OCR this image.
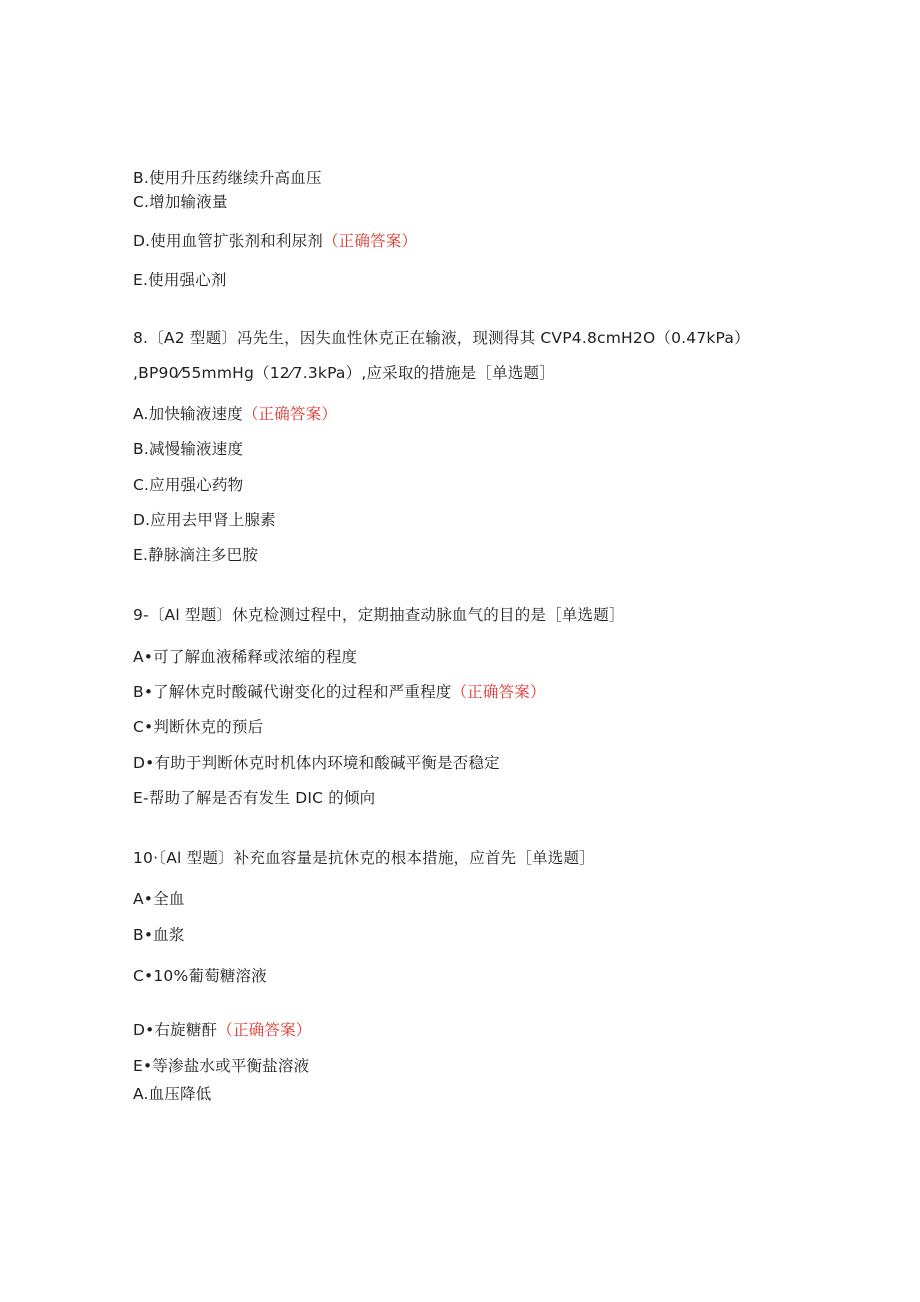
B.使用升压药继续升高血压
C.增加输液量
D.使用血管扩张剂和利尿剂（正确答案）
E.使用强心剂
8.〔A2 型题〕冯先生，因失血性休克正在输液，现测得其 CVP4.8cmH2O（0.47kPa）
,BP90⁄55mmHg（12⁄7.3kPa）,应采取的措施是［单选题］
A.加快输液速度（正确答案）
B.减慢输液速度
C.应用强心药物
D.应用去甲肾上腺素
E.静脉滴注多巴胺
9-〔Al 型题〕休克检测过程中，定期抽查动脉血气的目的是［单选题］
A•可了解血液稀释或浓缩的程度
B•了解休克时酸碱代谢变化的过程和严重程度（正确答案）
C•判断休克的预后
D•有助于判断休克时机体内环境和酸碱平衡是否稳定
E-帮助了解是否有发生 DIC 的倾向
10·〔Al 型题〕补充血容量是抗休克的根本措施，应首先［单选题］
A•全血
B•血浆
C•10%葡萄糖溶液
D•右旋糖酐（正确答案）
E•等渗盐水或平衡盐溶液
A.血压降低
